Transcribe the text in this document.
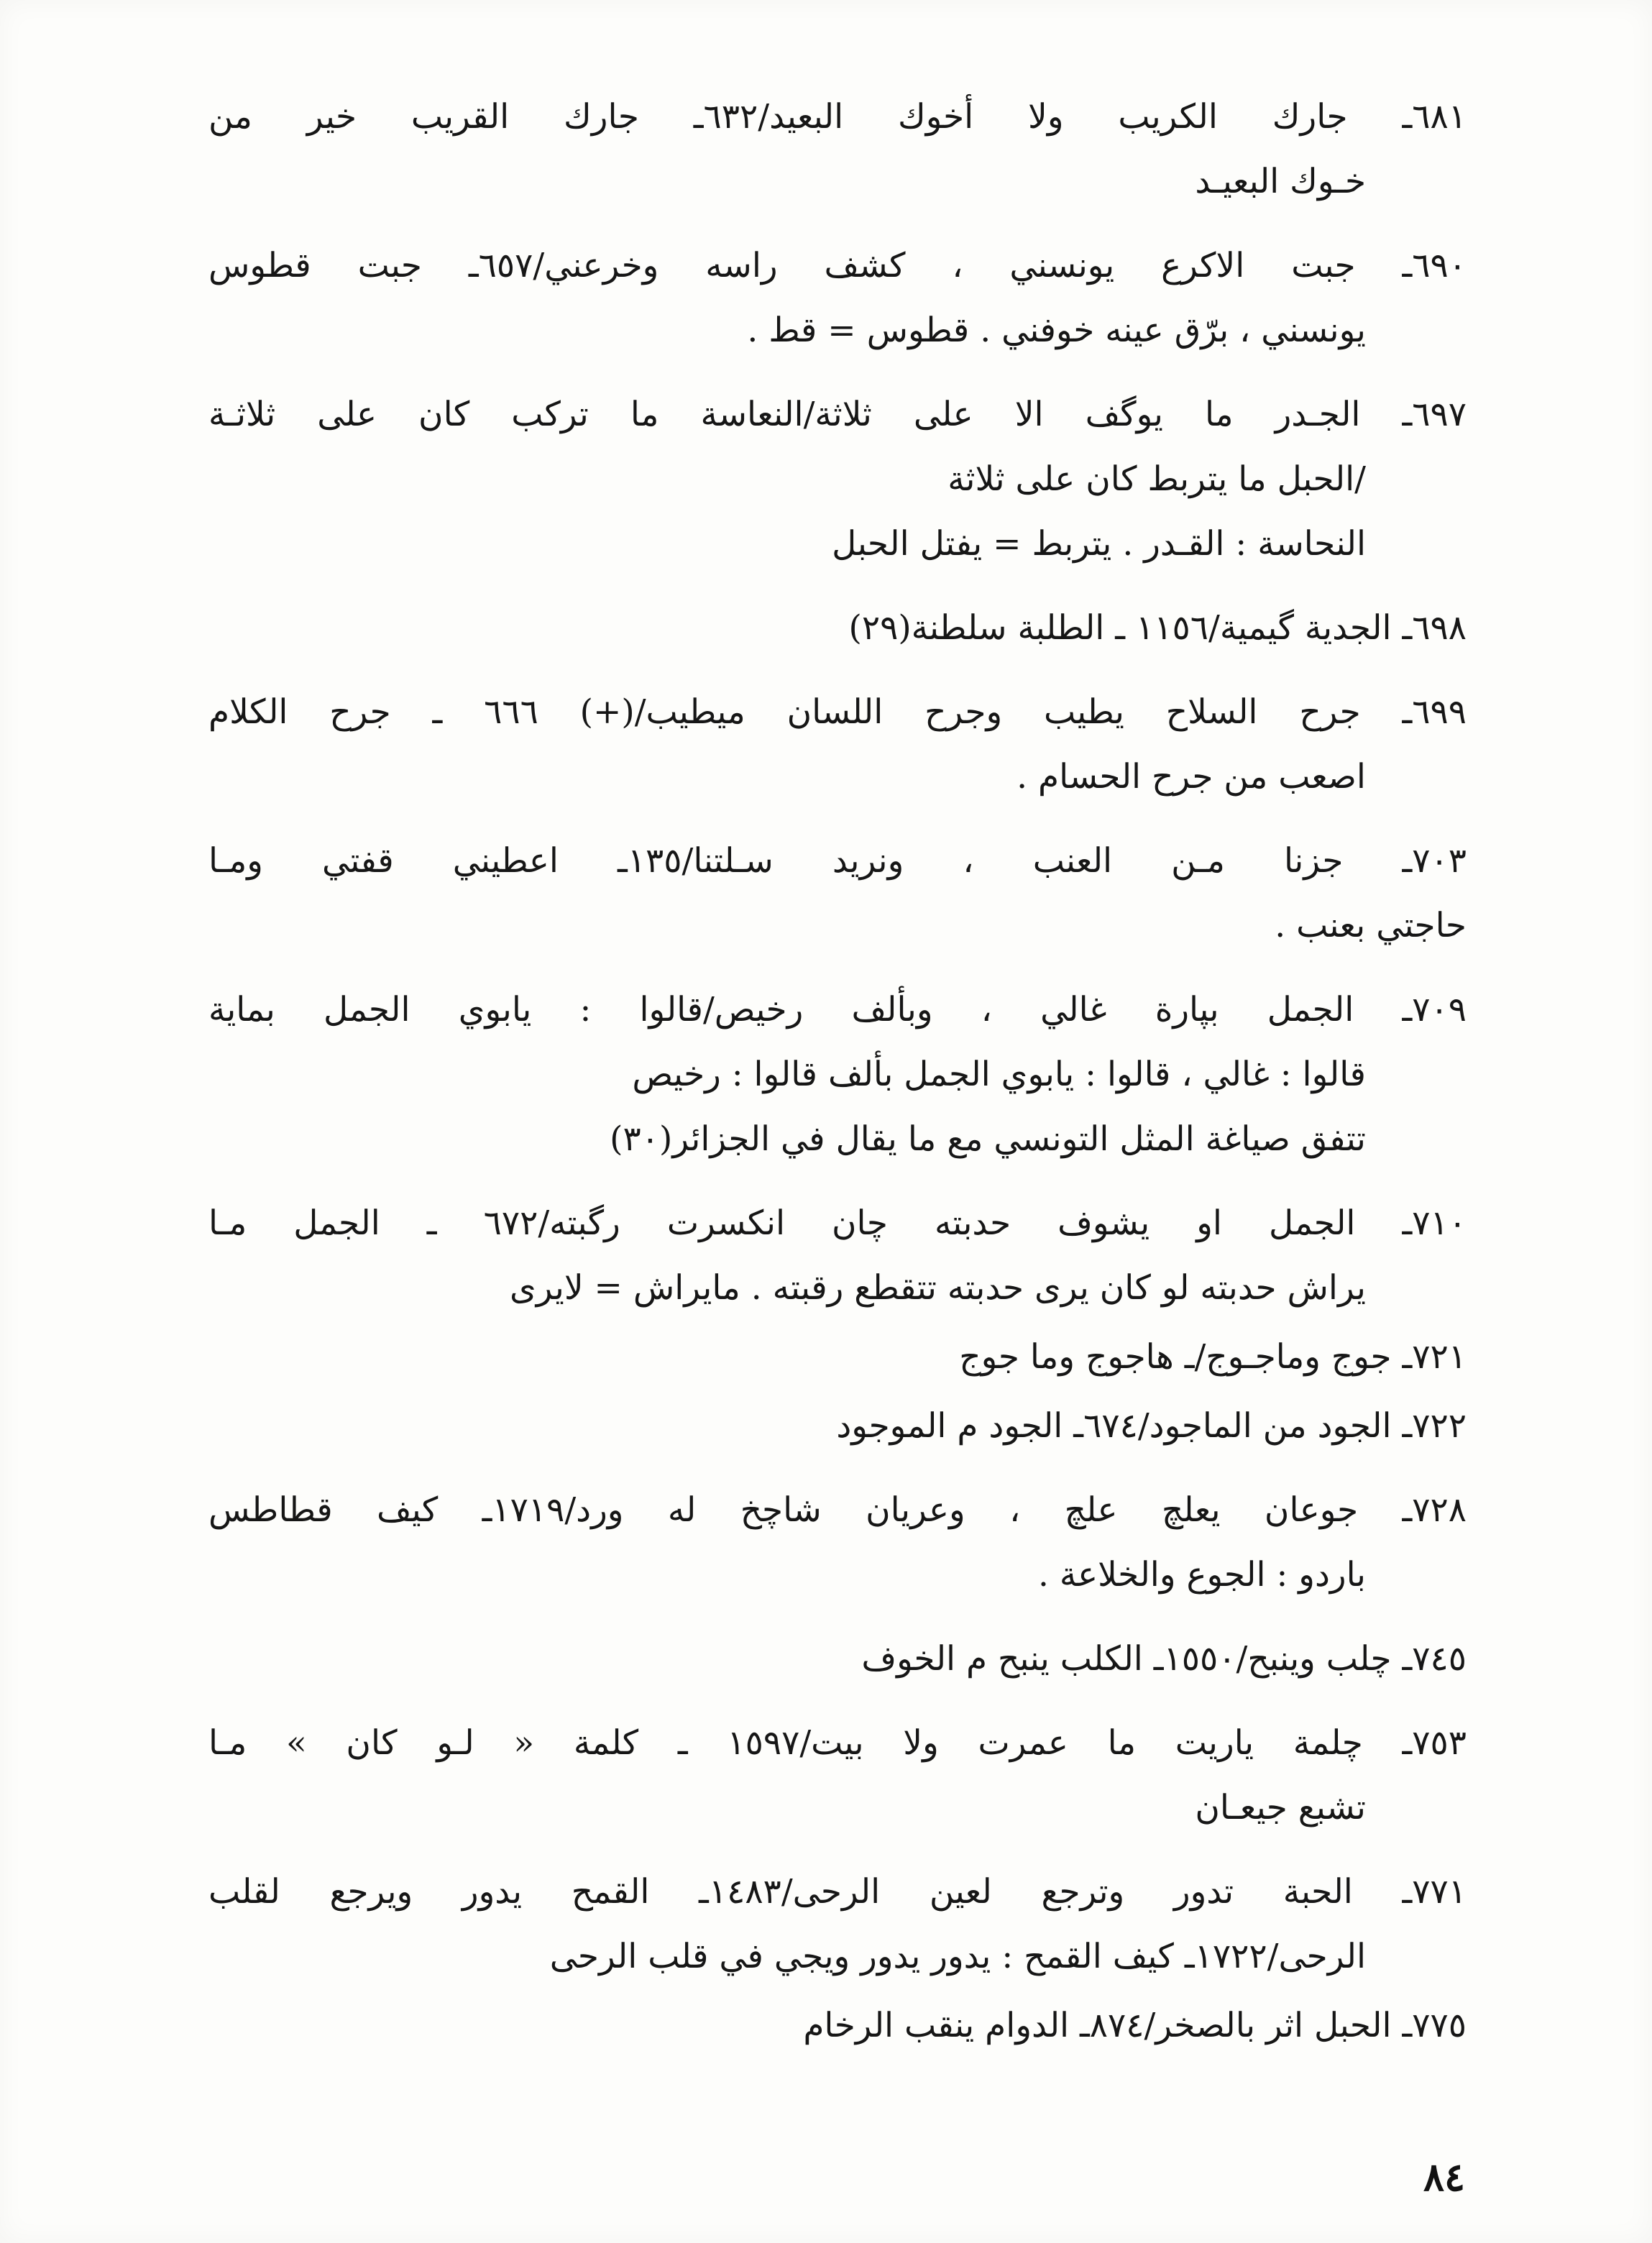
٦٨١ـ جارك الكريب ولا أخوك البعيد/٦٣٢ـ جارك القريب خير من
خـوك البعيـد
٦٩٠ـ جبت الاكرع يونسني ، كشف راسه وخرعني/٦٥٧ـ جبت قطوس
يونسني ، برّق عينه خوفني . قطوس = قط .
٦٩٧ـ الجـدر ما يوگف الا على ثلاثة/النعاسة ما تركب كان على ثلاثـة
/الحبل ما يتربط كان على ثلاثة
النحاسة : القـدر . يتربط = يفتل الحبل
٦٩٨ـ الجدية گيمية/١١٥٦ ـ الطلبة سلطنة(٢٩)
٦٩٩ـ جرح السلاح يطيب وجرح اللسان ميطيب/(+) ٦٦٦ ـ جرح الكلام
اصعب من جرح الحسام .
٧٠٣ـ جزنا مـن العنب ، ونريد سـلتنا/١٣٥ـ اعطيني قفتي ومـا
حاجتي بعنب .
٧٠٩ـ الجمل بپارة غالي ، وبألف رخيص/قالوا : يابوي الجمل بماية
قالوا : غالي ، قالوا : يابوي الجمل بألف قالوا : رخيص
تتفق صياغة المثل التونسي مع ما يقال في الجزائر(٣٠)
٧١٠ـ الجمل او يشوف حدبته چان انكسرت رگبته/٦٧٢ ـ الجمل مـا
يراش حدبته لو كان يرى حدبته تتقطع رقبته . مايراش = لايرى
٧٢١ـ جوج وماجـوج/ـ هاجوج وما جوج
٧٢٢ـ الجود من الماجود/٦٧٤ـ الجود م الموجود
٧٢٨ـ جوعان يعلچ علچ ، وعريان شاچخ له ورد/١٧١٩ـ كيف قطاطس
باردو : الجوع والخلاعة .
٧٤٥ـ چلب وينبح/١٥٥٠ـ الكلب ينبح م الخوف
٧٥٣ـ چلمة ياريت ما عمرت ولا بيت/١٥٩٧ ـ كلمة « لـو كان » مـا
تشبع جيعـان
٧٧١ـ الحبة تدور وترجع لعين الرحى/١٤٨٣ـ القمح يدور ويرجع لقلب
الرحى/١٧٢٢ـ كيف القمح : يدور يدور ويجي في قلب الرحى
٧٧٥ـ الحبل اثر بالصخر/٨٧٤ـ الدوام ينقب الرخام
٨٤
